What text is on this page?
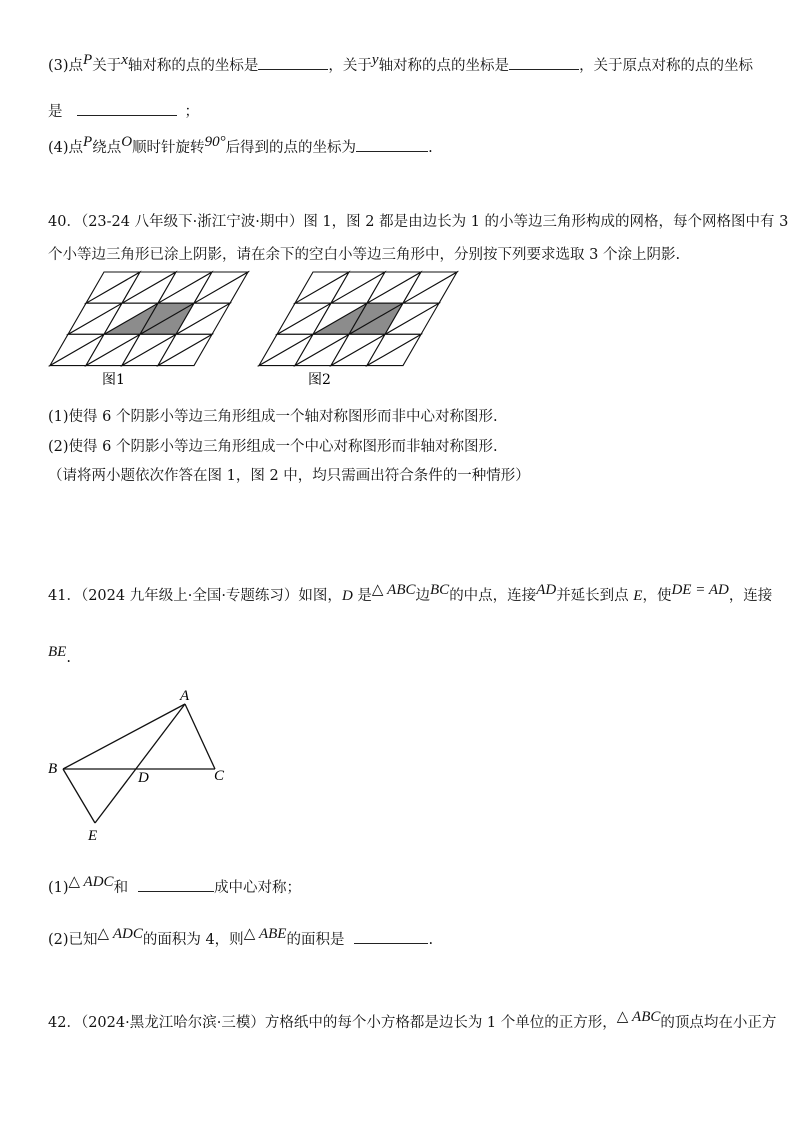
(3)点P关于x轴对称的点的坐标是	，关于y轴对称的点的坐标是	，关于原点对称的点的坐标
是	；
(4)点P绕点O顺时针旋转90°后得到的点的坐标为	.
40．（23-24 八年级下·浙江宁波·期中）图 1，图 2 都是由边长为 1 的小等边三角形构成的网格，每个网格图中有 3
个小等边三角形已涂上阴影，请在余下的空白小等边三角形中，分别按下列要求选取 3 个涂上阴影.
图1	图2
(1)使得 6 个阴影小等边三角形组成一个轴对称图形而非中心对称图形.
(2)使得 6 个阴影小等边三角形组成一个中心对称图形而非轴对称图形.
（请将两小题依次作答在图 1，图 2 中，均只需画出符合条件的一种情形）
41．（2024 九年级上·全国·专题练习）如图，D 是△ ABC边BC的中点，连接AD并延长到点 E，使DE = AD，连接
BE.
A
B	C
D
E
(1)△ ADC和	成中心对称；
(2)已知△ ADC的面积为 4，则△ ABE的面积是	.
42．（2024·黑龙江哈尔滨·三模）方格纸中的每个小方格都是边长为 1 个单位的正方形，△ ABC的顶点均在小正方
